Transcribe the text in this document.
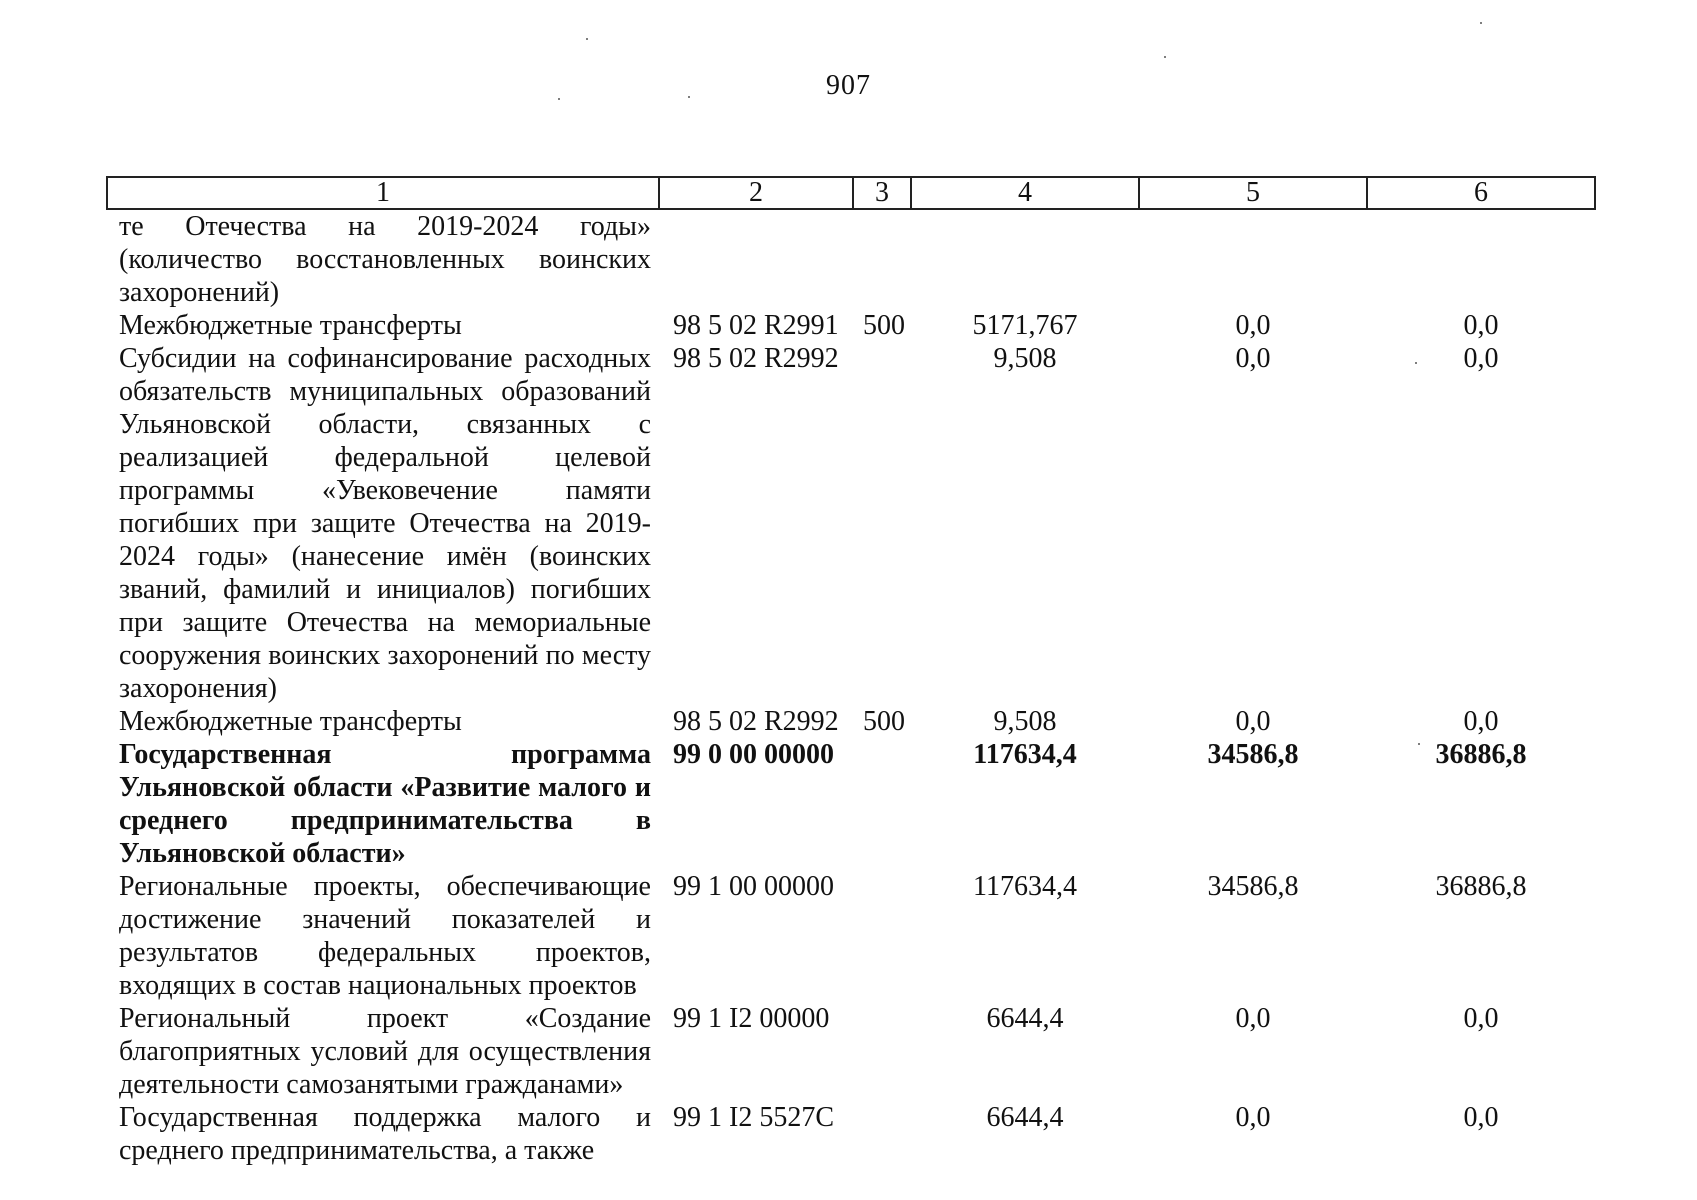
907
1	2	3	4	5	6
те Отечества на 2019-2024 годы» (количество восстановленных воинских захоронений)					
Межбюджетные трансферты	98 5 02 R2991	500	5171,767	0,0	0,0
Субсидии на софинансирование расходных обязательств муниципальных образований Ульяновской области, связанных с реализацией федеральной целевой программы «Увековечение памяти погибших при защите Отечества на 2019-2024 годы» (нанесение имён (воинских званий, фамилий и инициалов) погибших при защите Отечества на мемориальные сооружения воинских захоронений по месту захоронения)	98 5 02 R2992		9,508	0,0	0,0
Межбюджетные трансферты	98 5 02 R2992	500	9,508	0,0	0,0
Государственная программа Ульяновской области «Развитие малого и среднего предпринимательства в Ульяновской области»	99 0 00 00000		117634,4	34586,8	36886,8
Региональные проекты, обеспечивающие достижение значений показателей и результатов федеральных проектов, входящих в состав национальных проектов	99 1 00 00000		117634,4	34586,8	36886,8
Региональный проект «Создание благоприятных условий для осуществления деятельности самозанятыми гражданами»	99 1 I2 00000		6644,4	0,0	0,0
Государственная поддержка малого и среднего предпринимательства, а также	99 1 I2 5527C		6644,4	0,0	0,0
